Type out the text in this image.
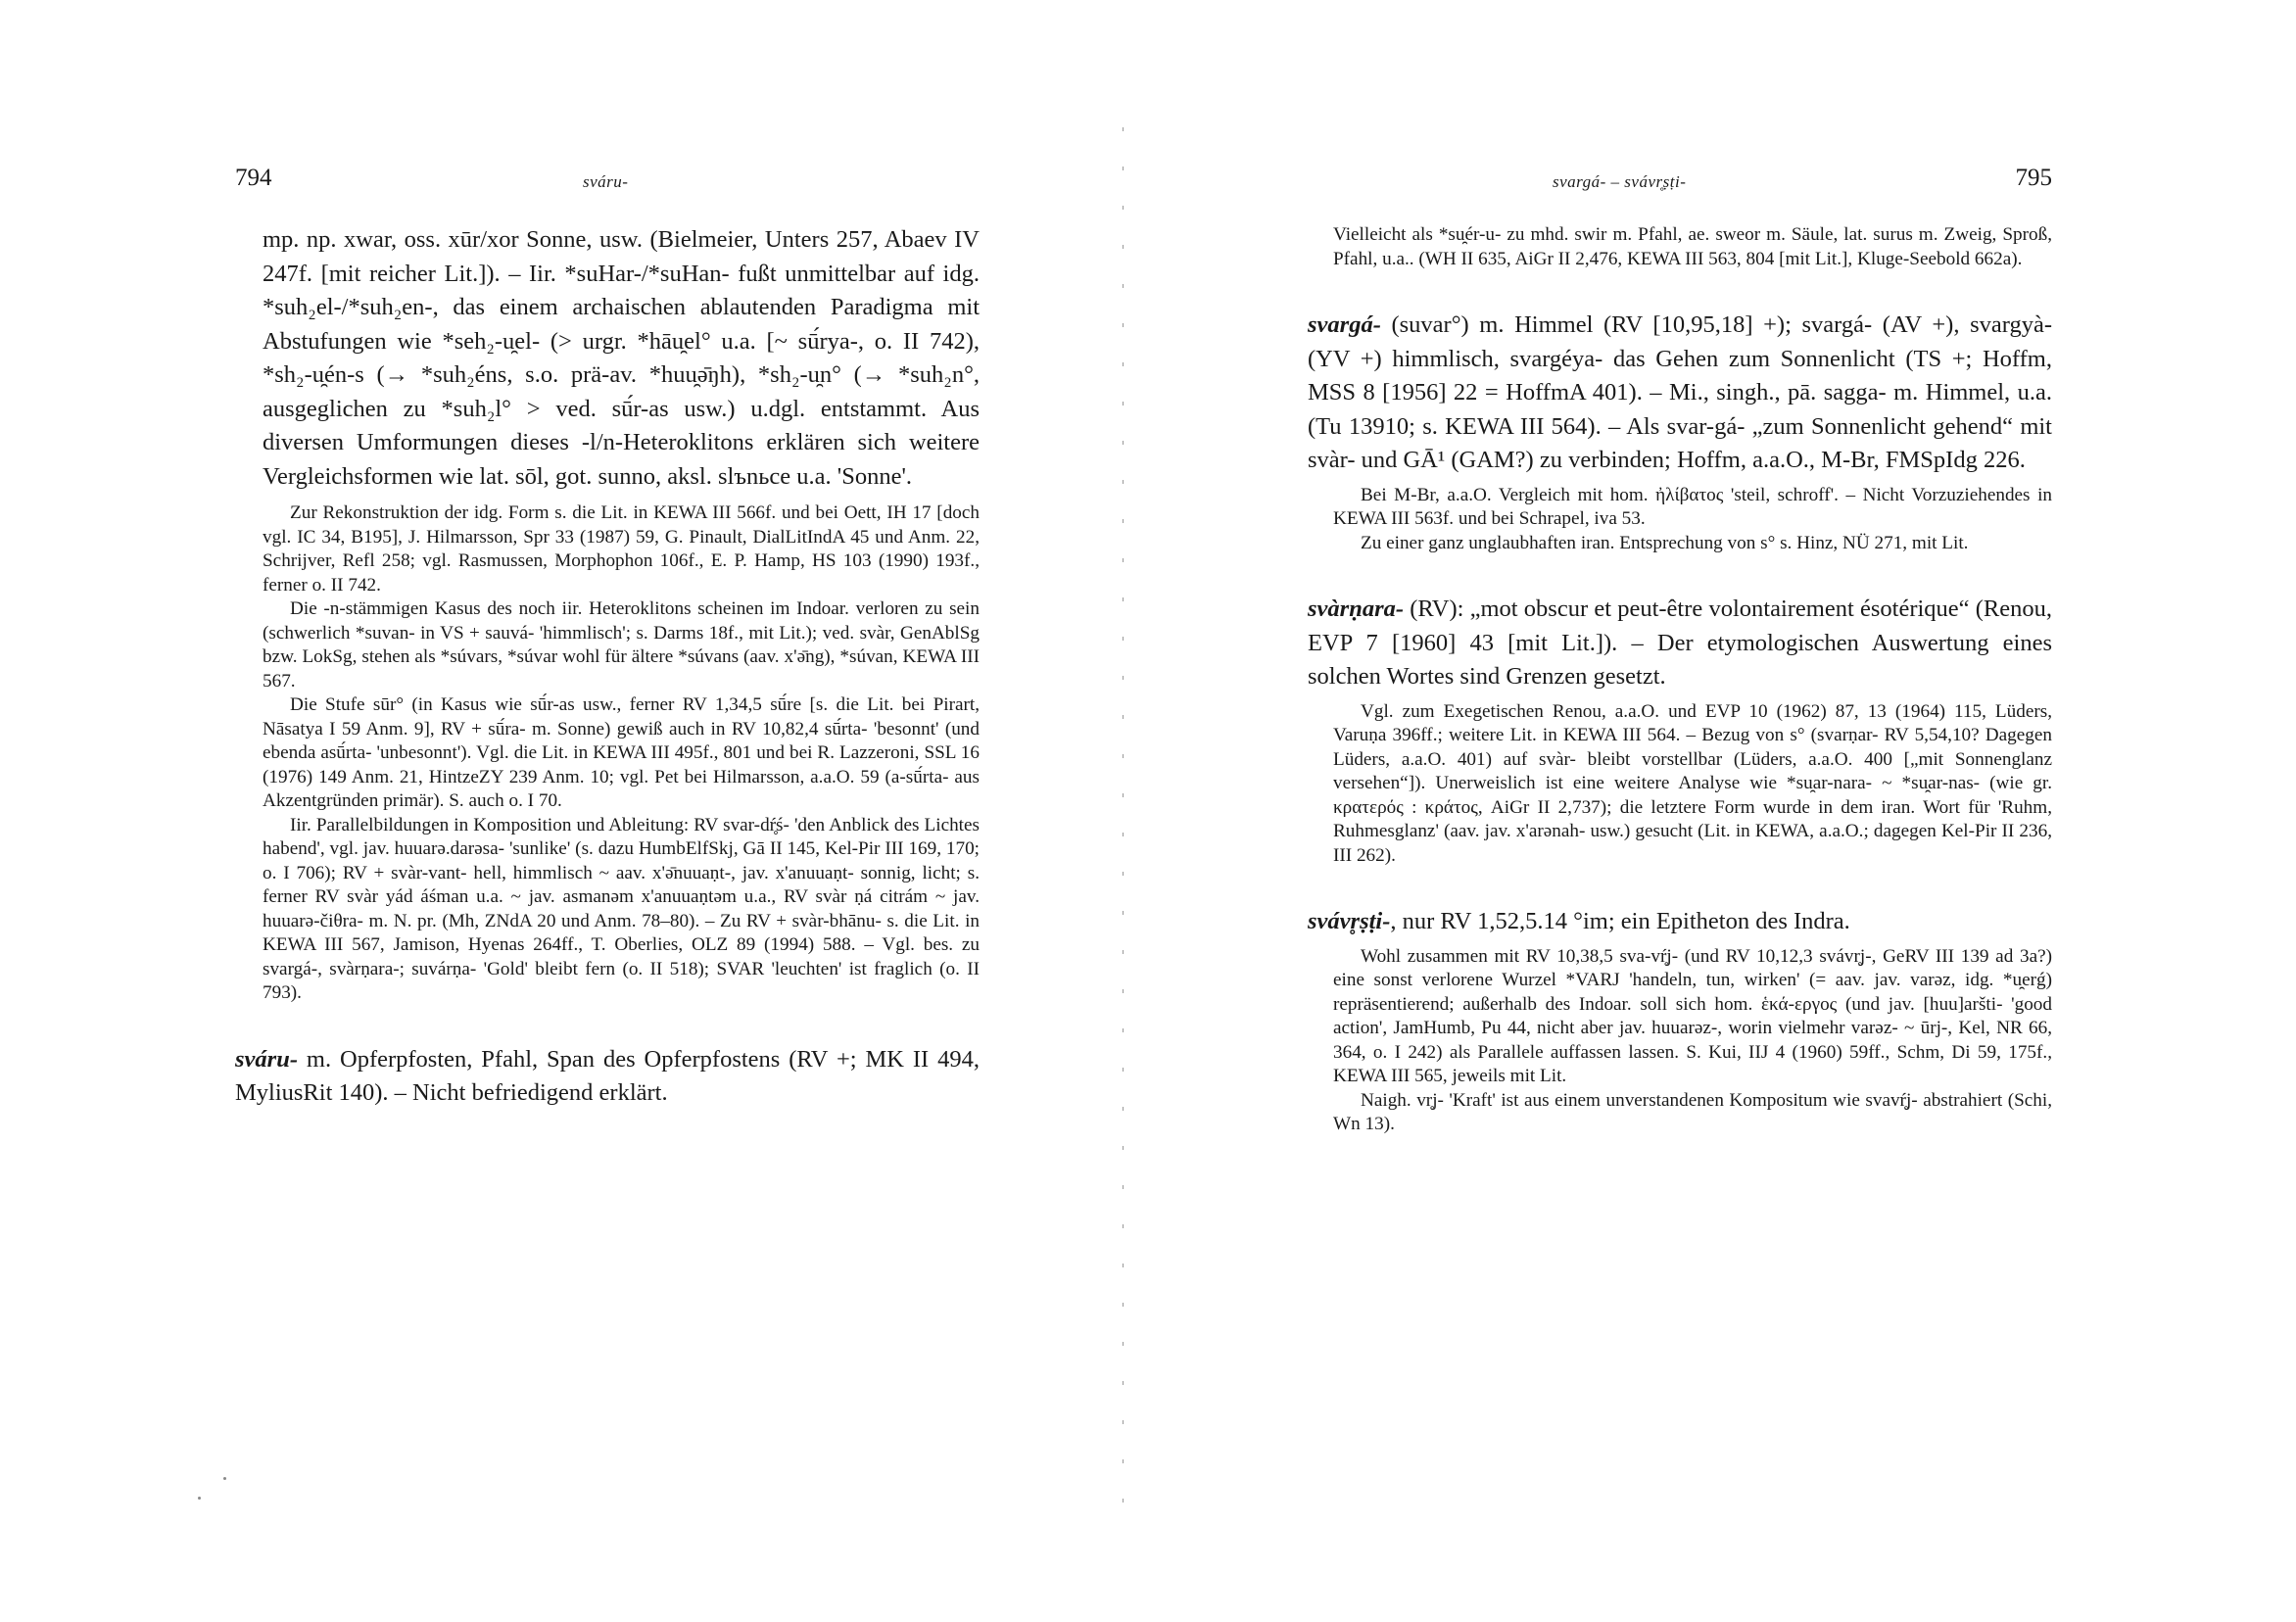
794	sváru-

mp. np. xwar, oss. xūr/xor Sonne, usw. (Bielmeier, Unters 257, Abaev IV 247f. [mit reicher Lit.]). – Iir. *suHar-/*suHan- fußt unmittelbar auf idg. *suh₂el-/*suh₂en-, das einem archaischen ablautenden Paradigma mit Abstufungen wie *seh₂-u̯el- (> urgr. *hāu̯el° u.a. [~ sū́rya-, o. II 742), *sh₂-u̯én-s (→ *suh₂éns, s.o. prä-av. *huu̯ə̄ŋh), *sh₂-u̯n° (→ *suh₂n°, ausgeglichen zu *suh₂l° > ved. sū́r-as usw.) u.dgl. entstammt. Aus diversen Umformungen dieses -l/n-Heteroklitons erklären sich weitere Vergleichsformen wie lat. sōl, got. sunno, aksl. slъnьce u.a. 'Sonne'.

Zur Rekonstruktion der idg. Form s. die Lit. in KEWA III 566f. und bei Oett, IH 17 [doch vgl. IC 34, B195], J. Hilmarsson, Spr 33 (1987) 59, G. Pinault, DialLitIndA 45 und Anm. 22, Schrijver, Refl 258; vgl. Rasmussen, Morphophon 106f., E. P. Hamp, HS 103 (1990) 193f., ferner o. II 742.

Die -n-stämmigen Kasus des noch iir. Heteroklitons scheinen im Indoar. verloren zu sein (schwerlich *suvan- in VS + sauvá- 'himmlisch'; s. Darms 18f., mit Lit.); ved. svàr, GenAblSg bzw. LokSg, stehen als *súvars, *súvar wohl für ältere *súvans (aav. x'ə̄ng), *súvan, KEWA III 567.

Die Stufe sūr° (in Kasus wie sū́r-as usw., ferner RV 1,34,5 sū́re [s. die Lit. bei Pirart, Nāsatya I 59 Anm. 9], RV + sū́ra- m. Sonne) gewiß auch in RV 10,82,4 sū́rta- 'besonnt' (und ebenda asū́rta- 'unbesonnt'). Vgl. die Lit. in KEWA III 495f., 801 und bei R. Lazzeroni, SSL 16 (1976) 149 Anm. 21, HintzeZY 239 Anm. 10; vgl. Pet bei Hilmarsson, a.a.O. 59 (a-sū́rta- aus Akzentgründen primär). S. auch o. I 70.

Iir. Parallelbildungen in Komposition und Ableitung: RV svar-dŕ̥ś- 'den Anblick des Lichtes habend', vgl. jav. huuarə.darəsa- 'sunlike' (s. dazu HumbElfSkj, Gā II 145, Kel-Pir III 169, 170; o. I 706); RV + svàr-vant- hell, himmlisch ~ aav. x'ə̄nuuaṇt-, jav. x'anuuaṇt- sonnig, licht; s. ferner RV svàr yád áśman u.a. ~ jav. asmanəm x'anuuaṇtəm u.a., RV svàr ṇá citrám ~ jav. huuarə-čiθra- m. N. pr. (Mh, ZNdA 20 und Anm. 78–80). – Zu RV + svàr-bhānu- s. die Lit. in KEWA III 567, Jamison, Hyenas 264ff., T. Oberlies, OLZ 89 (1994) 588. – Vgl. bes. zu svargá-, svàrṇara-; suvárṇa- 'Gold' bleibt fern (o. II 518); SVAR 'leuchten' ist fraglich (o. II 793).

sváru- m. Opferpfosten, Pfahl, Span des Opferpfostens (RV +; MK II 494, MyliusRit 140). – Nicht befriedigend erklärt.

svargá- – svávr̥ṣṭi-	795

Vielleicht als *su̯ér-u- zu mhd. swir m. Pfahl, ae. sweor m. Säule, lat. surus m. Zweig, Sproß, Pfahl, u.a.. (WH II 635, AiGr II 2,476, KEWA III 563, 804 [mit Lit.], Kluge-Seebold 662a).

svargá- (suvar°) m. Himmel (RV [10,95,18] +); svargá- (AV +), svargyà- (YV +) himmlisch, svargéya- das Gehen zum Sonnenlicht (TS +; Hoffm, MSS 8 [1956] 22 = HoffmA 401). – Mi., singh., pā. sagga- m. Himmel, u.a. (Tu 13910; s. KEWA III 564). – Als svar-gá- „zum Sonnenlicht gehend“ mit svàr- und GĀ¹ (GAM?) zu verbinden; Hoffm, a.a.O., M-Br, FMSpIdg 226.

Bei M-Br, a.a.O. Vergleich mit hom. ἠλίβατος 'steil, schroff'. – Nicht Vorzuziehendes in KEWA III 563f. und bei Schrapel, iva 53.

Zu einer ganz unglaubhaften iran. Entsprechung von s° s. Hinz, NÜ 271, mit Lit.

svàrṇara- (RV): „mot obscur et peut-être volontairement ésotérique“ (Renou, EVP 7 [1960] 43 [mit Lit.]). – Der etymologischen Auswertung eines solchen Wortes sind Grenzen gesetzt.

Vgl. zum Exegetischen Renou, a.a.O. und EVP 10 (1962) 87, 13 (1964) 115, Lüders, Varuṇa 396ff.; weitere Lit. in KEWA III 564. – Bezug von s° (svarṇar- RV 5,54,10? Dagegen Lüders, a.a.O. 401) auf svàr- bleibt vorstellbar (Lüders, a.a.O. 400 [„mit Sonnenglanz versehen“]). Unerweislich ist eine weitere Analyse wie *su̯ar-nara- ~ *su̯ar-nas- (wie gr. κρατερός : κράτος, AiGr II 2,737); die letztere Form wurde in dem iran. Wort für 'Ruhm, Ruhmesglanz' (aav. jav. x'arənah- usw.) gesucht (Lit. in KEWA, a.a.O.; dagegen Kel-Pir II 236, III 262).

svávr̥ṣṭi-, nur RV 1,52,5.14 °im; ein Epitheton des Indra.

Wohl zusammen mit RV 10,38,5 sva-vŕ̥j- (und RV 10,12,3 svávr̥j-, GeRV III 139 ad 3a?) eine sonst verlorene Wurzel *VARJ 'handeln, tun, wirken' (= aav. jav. varəz, idg. *u̯erǵ) repräsentierend; außerhalb des Indoar. soll sich hom. ἑκά-εργος (und jav. [huu]aršti- 'good action', JamHumb, Pu 44, nicht aber jav. huuarəz-, worin vielmehr varəz- ~ ūrj-, Kel, NR 66, 364, o. I 242) als Parallele auffassen lassen. S. Kui, IIJ 4 (1960) 59ff., Schm, Di 59, 175f., KEWA III 565, jeweils mit Lit.

Naigh. vr̥j- 'Kraft' ist aus einem unverstandenen Kompositum wie svavŕ̥j- abstrahiert (Schi, Wn 13).
